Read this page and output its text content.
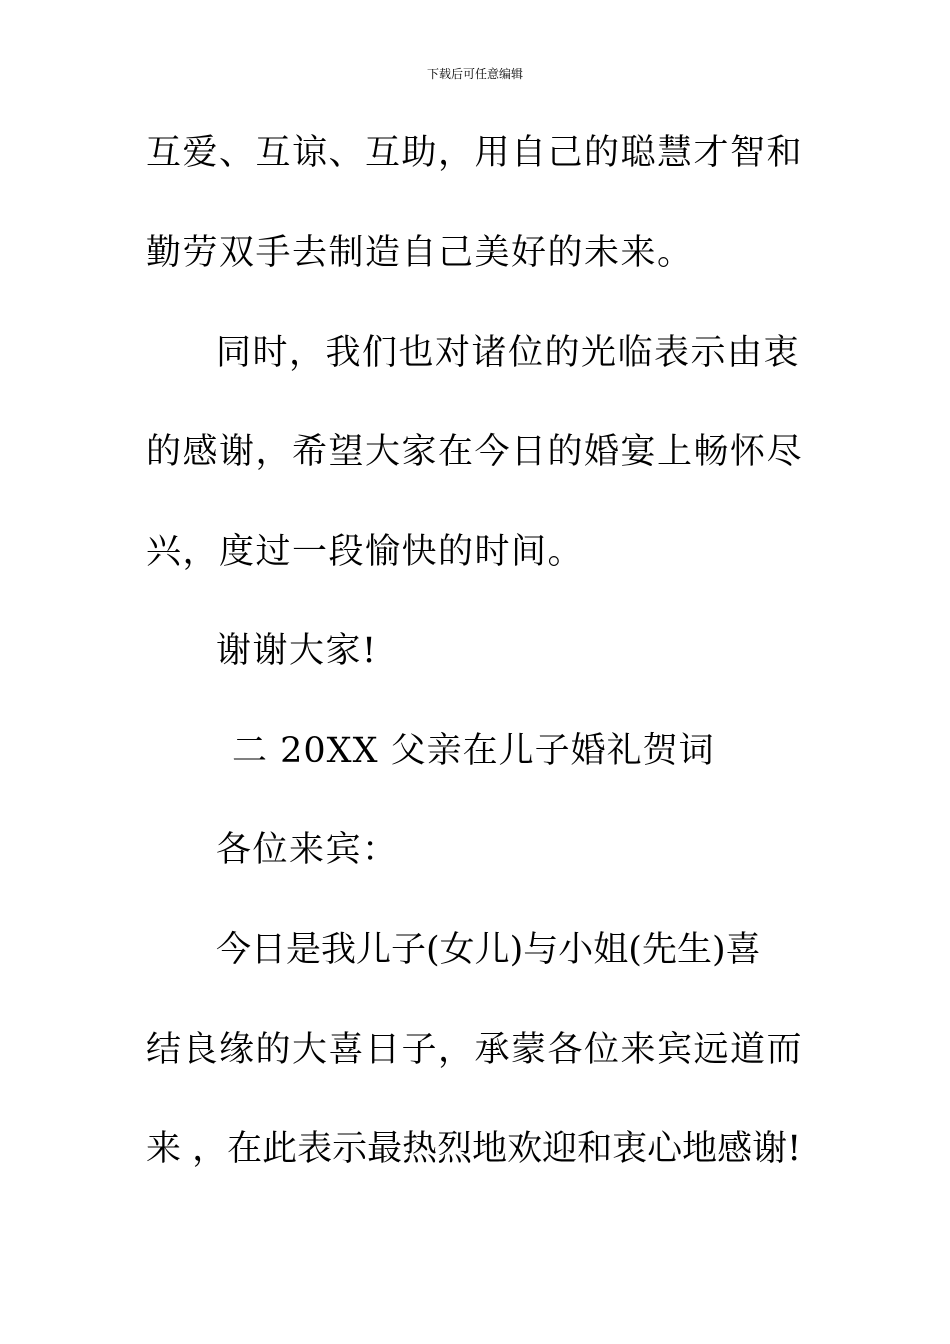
下载后可任意编辑
互爱、互谅、互助，用自己的聪慧才智和
勤劳双手去制造自己美好的未来。
同时，我们也对诸位的光临表示由衷
的感谢，希望大家在今日的婚宴上畅怀尽
兴，度过一段愉快的时间。
谢谢大家!
二 20XX 父亲在儿子婚礼贺词
各位来宾：
今日是我儿子(女儿)与小姐(先生)喜
结良缘的大喜日子，承蒙各位来宾远道而
来 ，在此表示最热烈地欢迎和衷心地感谢!
